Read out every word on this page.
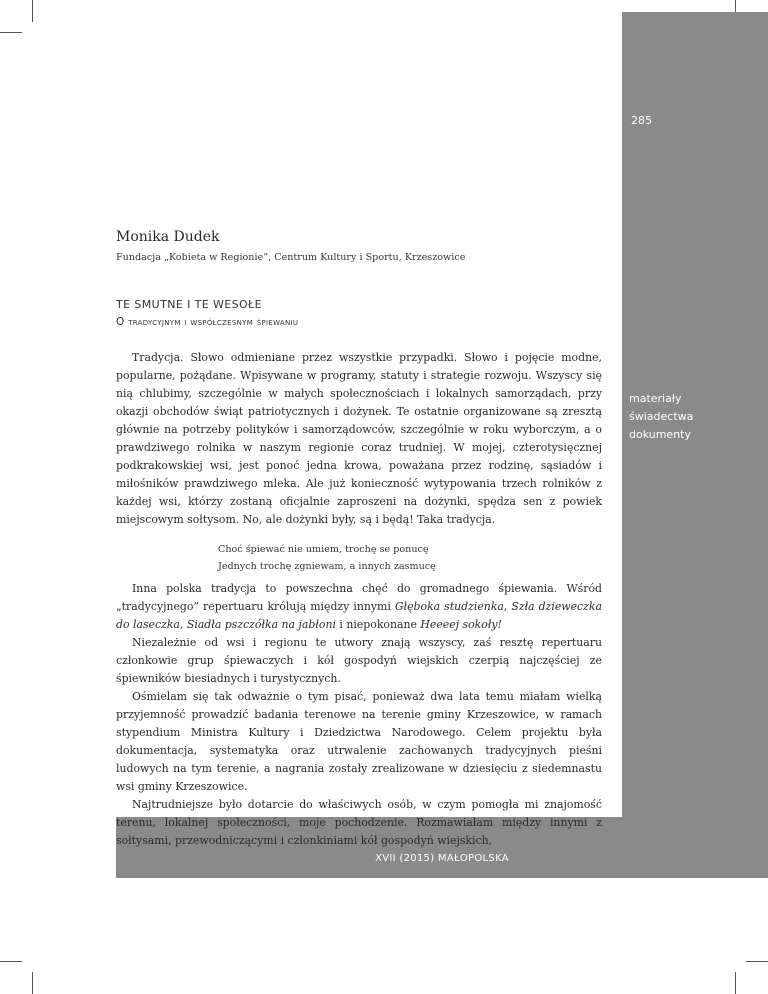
285
materiały
świadectwa
dokumenty
XVII (2015) MAŁOPOLSKA
Monika Dudek
Fundacja „Kobieta w Regionie”, Centrum Kultury i Sportu, Krzeszowice
TE SMUTNE I TE WESOŁE
O tradycyjnym i współczesnym śpiewaniu

Tradycja. Słowo odmieniane przez wszystkie przypadki. Słowo i pojęcie modne, popularne, pożądane. Wpisywane w programy, statuty i strategie rozwoju. Wszyscy się nią chlubimy, szczególnie w małych społecznościach i lokalnych samorządach, przy okazji obchodów świąt patriotycznych i dożynek. Te ostatnie organizowane są zresztą głównie na potrzeby polityków i samorządowców, szczególnie w roku wyborczym, a o prawdziwego rolnika w naszym regionie coraz trudniej. W mojej, czterotysięcznej podkrakowskiej wsi, jest ponoć jedna krowa, poważana przez rodzinę, sąsiadów i miłośników prawdziwego mleka. Ale już konieczność wytypowania trzech rolników z każdej wsi, którzy zostaną oficjalnie zaproszeni na dożynki, spędza sen z powiek miejscowym sołtysom. No, ale dożynki były, są i będą! Taka tradycja.

Choć śpiewać nie umiem, trochę se ponucę
Jednych trochę zgniewam, a innych zasmucę

Inna polska tradycja to powszechna chęć do gromadnego śpiewania. Wśród „tradycyjnego” repertuaru królują między innymi Głęboka studzienka, Szła dzieweczka do laseczka, Siadła pszczółka na jabłoni i niepokonane Heeeej sokoły!

Niezależnie od wsi i regionu te utwory znają wszyscy, zaś resztę repertuaru członkowie grup śpiewaczych i kół gospodyń wiejskich czerpią najczęściej ze śpiewników biesiadnych i turystycznych.

Ośmielam się tak odważnie o tym pisać, ponieważ dwa lata temu miałam wielką przyjemność prowadzić badania terenowe na terenie gminy Krzeszowice, w ramach stypendium Ministra Kultury i Dziedzictwa Narodowego. Celem projektu była dokumentacja, systematyka oraz utrwalenie zachowanych tradycyjnych pieśni ludowych na tym terenie, a nagrania zostały zrealizowane w dziesięciu z siedemnastu wsi gminy Krzeszowice.

Najtrudniejsze było dotarcie do właściwych osób, w czym pomogła mi znajomość terenu, lokalnej społeczności, moje pochodzenie. Rozmawiałam między innymi z sołtysami, przewodniczącymi i członkiniami kół gospodyń wiejskich,
